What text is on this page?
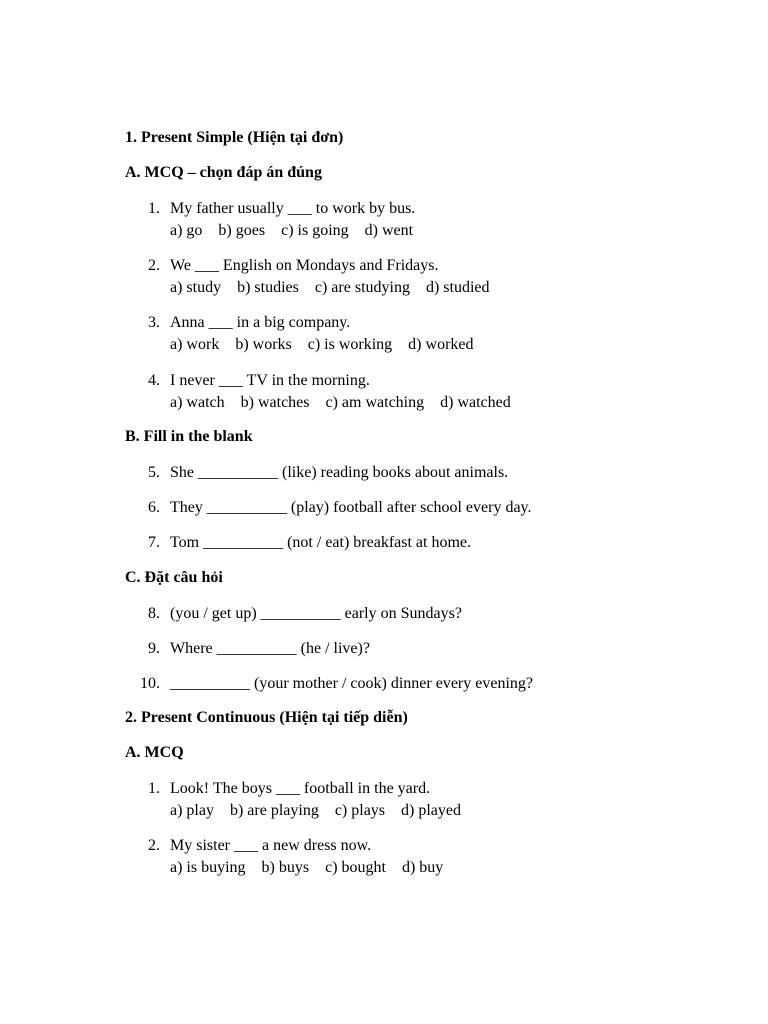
1. Present Simple (Hiện tại đơn)
A. MCQ – chọn đáp án đúng
1. My father usually ___ to work by bus.
a) go    b) goes    c) is going    d) went
2. We ___ English on Mondays and Fridays.
a) study    b) studies    c) are studying    d) studied
3. Anna ___ in a big company.
a) work    b) works    c) is working    d) worked
4. I never ___ TV in the morning.
a) watch    b) watches    c) am watching    d) watched
B. Fill in the blank
5. She __________ (like) reading books about animals.
6. They __________ (play) football after school every day.
7. Tom __________ (not / eat) breakfast at home.
C. Đặt câu hỏi
8. (you / get up) __________ early on Sundays?
9. Where __________ (he / live)?
10. __________ (your mother / cook) dinner every evening?
2. Present Continuous (Hiện tại tiếp diễn)
A. MCQ
1. Look! The boys ___ football in the yard.
a) play    b) are playing    c) plays    d) played
2. My sister ___ a new dress now.
a) is buying    b) buys    c) bought    d) buy
